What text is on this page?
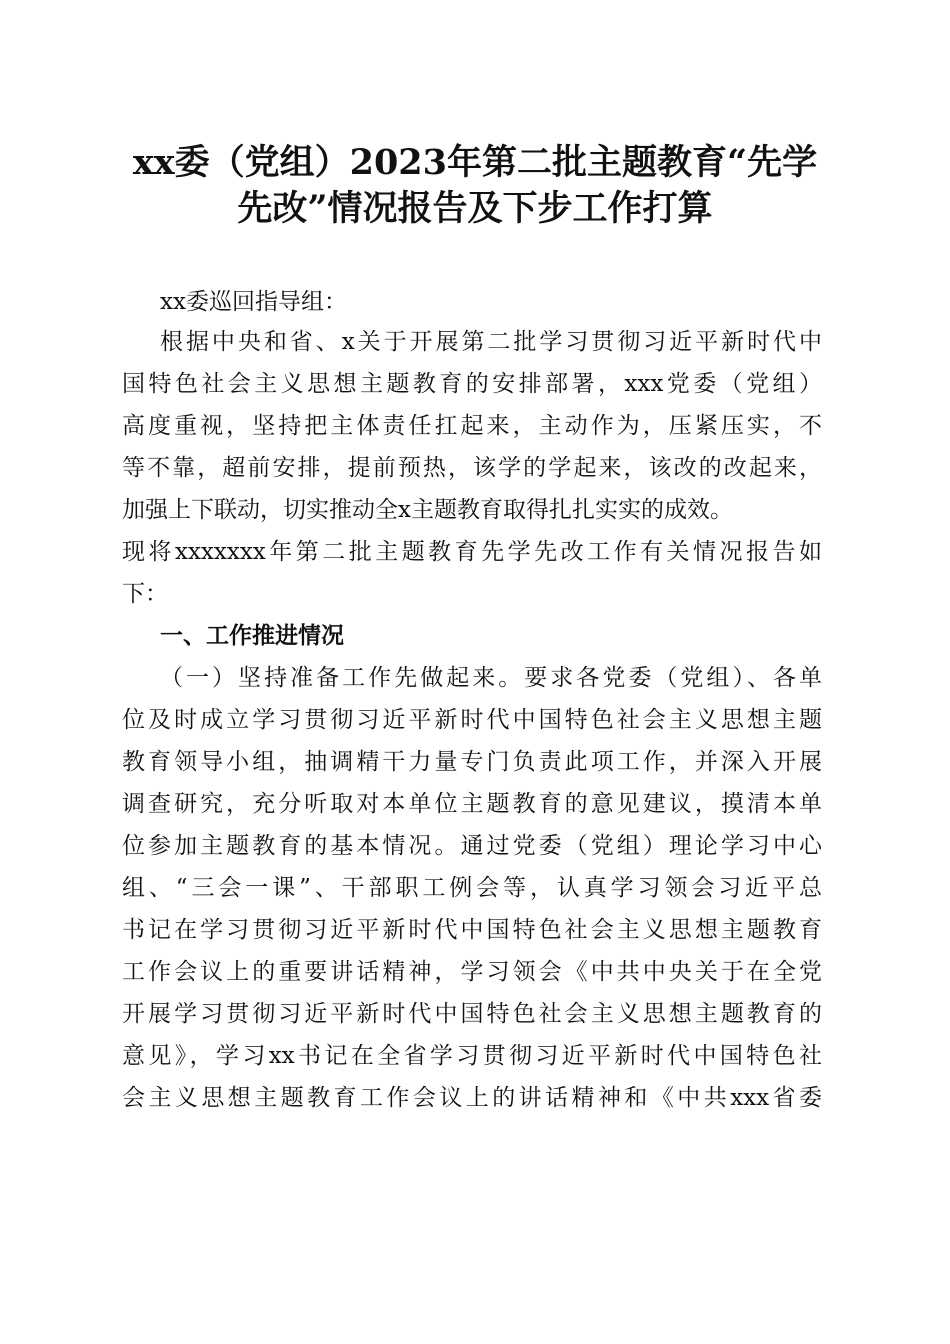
xx委（党组）2023年第二批主题教育“先学
先改”情况报告及下步工作打算
xx委巡回指导组：
根据中央和省、x关于开展第二批学习贯彻习近平新时代中
国特色社会主义思想主题教育的安排部署，xxx党委（党组）
高度重视，坚持把主体责任扛起来，主动作为，压紧压实，不
等不靠，超前安排，提前预热，该学的学起来，该改的改起来，
加强上下联动，切实推动全x主题教育取得扎扎实实的成效。
现将xxxxxxx年第二批主题教育先学先改工作有关情况报告如
下：
一、工作推进情况
（一）坚持准备工作先做起来。要求各党委（党组）、各单
位及时成立学习贯彻习近平新时代中国特色社会主义思想主题
教育领导小组，抽调精干力量专门负责此项工作，并深入开展
调查研究，充分听取对本单位主题教育的意见建议，摸清本单
位参加主题教育的基本情况。通过党委（党组）理论学习中心
组、“三会一课”、干部职工例会等，认真学习领会习近平总
书记在学习贯彻习近平新时代中国特色社会主义思想主题教育
工作会议上的重要讲话精神，学习领会《中共中央关于在全党
开展学习贯彻习近平新时代中国特色社会主义思想主题教育的
意见》，学习xx书记在全省学习贯彻习近平新时代中国特色社
会主义思想主题教育工作会议上的讲话精神和《中共xxx省委
